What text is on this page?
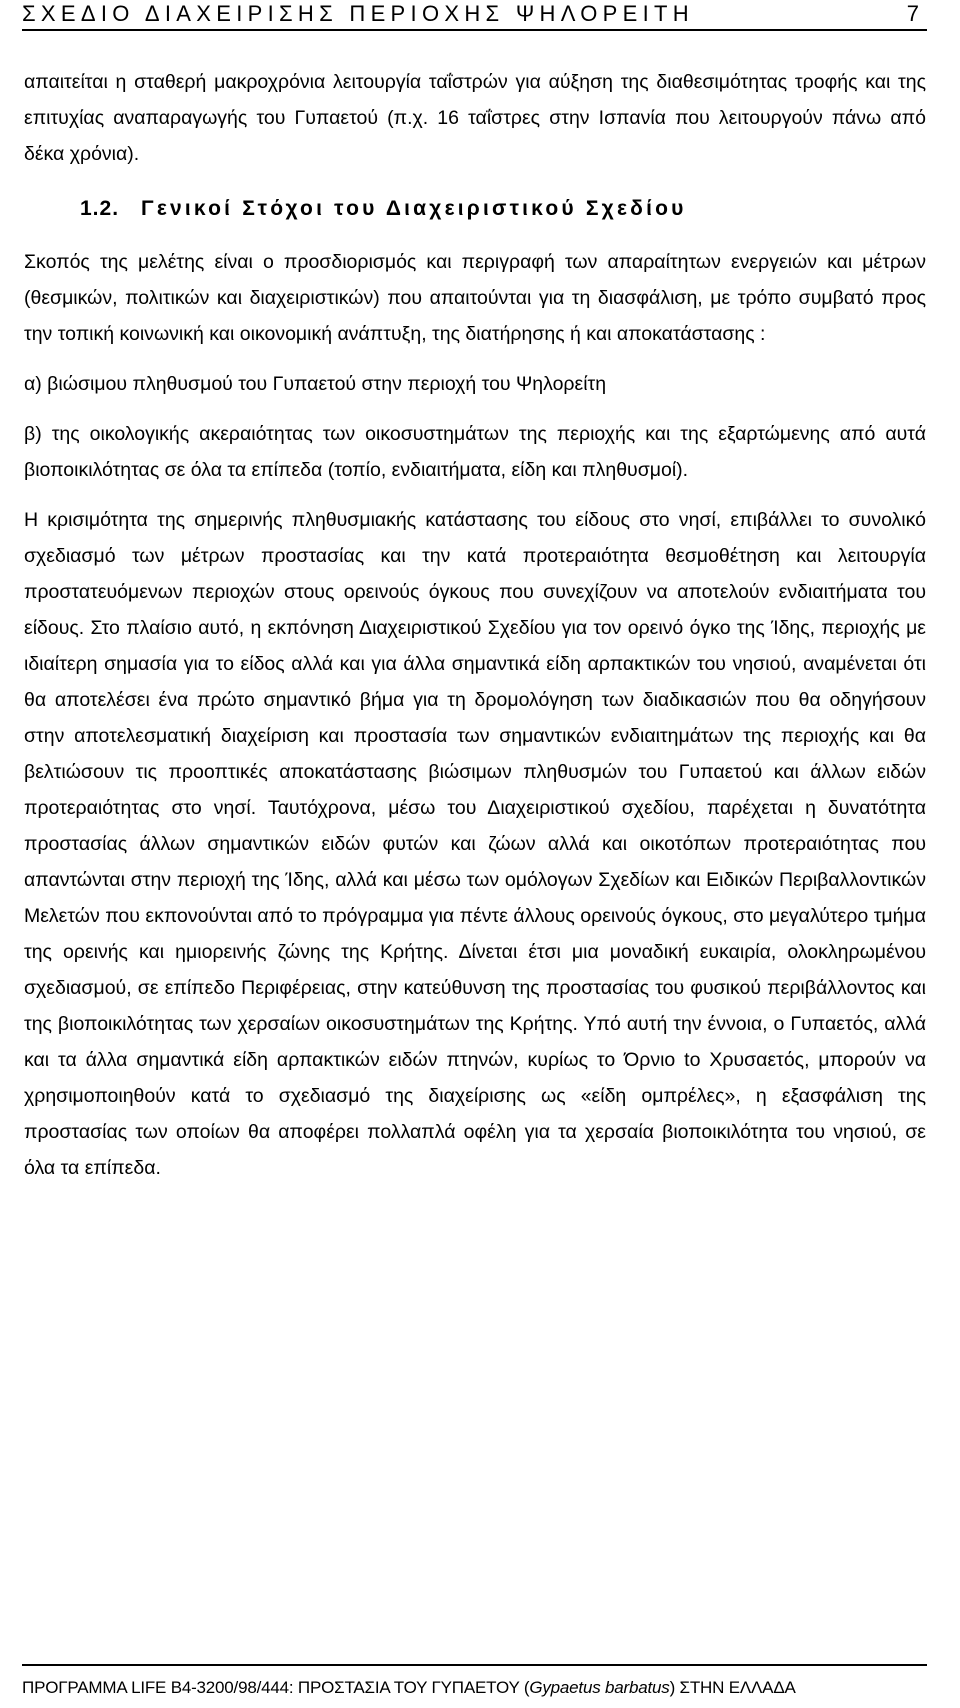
ΣΧΕΔΙΟ ΔΙΑΧΕΙΡΙΣΗΣ ΠΕΡΙΟΧΗΣ ΨΗΛΟΡΕΙΤΗ	7

απαιτείται η σταθερή μακροχρόνια λειτουργία ταΐστρών για αύξηση της διαθεσιμότητας τροφής και της επιτυχίας αναπαραγωγής του Γυπαετού (π.χ. 16 ταΐστρες στην Ισπανία που λειτουργούν πάνω από δέκα χρόνια).

1.2. Γενικοί Στόχοι του Διαχειριστικού Σχεδίου

Σκοπός της μελέτης είναι ο προσδιορισμός και περιγραφή των απαραίτητων ενεργειών και μέτρων (θεσμικών, πολιτικών και διαχειριστικών) που απαιτούνται για τη διασφάλιση, με τρόπο συμβατό προς την τοπική κοινωνική και οικονομική ανάπτυξη, της διατήρησης ή και αποκατάστασης :

α) βιώσιμου πληθυσμού του Γυπαετού στην περιοχή του Ψηλορείτη

β) της οικολογικής ακεραιότητας των οικοσυστημάτων της περιοχής και της εξαρτώμενης από αυτά βιοποικιλότητας σε όλα τα επίπεδα (τοπίο, ενδιαιτήματα, είδη και πληθυσμοί).

Η κρισιμότητα της σημερινής πληθυσμιακής κατάστασης του είδους στο νησί, επιβάλλει το συνολικό σχεδιασμό των μέτρων προστασίας και την κατά προτεραιότητα θεσμοθέτηση και λειτουργία προστατευόμενων περιοχών στους ορεινούς όγκους που συνεχίζουν να αποτελούν ενδιαιτήματα του είδους. Στο πλαίσιο αυτό, η εκπόνηση Διαχειριστικού Σχεδίου για τον ορεινό όγκο της Ίδης, περιοχής με ιδιαίτερη σημασία για το είδος αλλά και για άλλα σημαντικά είδη αρπακτικών του νησιού, αναμένεται ότι θα αποτελέσει ένα πρώτο σημαντικό βήμα για τη δρομολόγηση των διαδικασιών που θα οδηγήσουν στην αποτελεσματική διαχείριση και προστασία των σημαντικών ενδιαιτημάτων της περιοχής και θα βελτιώσουν τις προοπτικές αποκατάστασης βιώσιμων πληθυσμών του Γυπαετού και άλλων ειδών προτεραιότητας στο νησί. Ταυτόχρονα, μέσω του Διαχειριστικού σχεδίου, παρέχεται η δυνατότητα προστασίας άλλων σημαντικών ειδών φυτών και ζώων αλλά και οικοτόπων προτεραιότητας που απαντώνται στην περιοχή της Ίδης, αλλά και μέσω των ομόλογων Σχεδίων και Ειδικών Περιβαλλοντικών Μελετών που εκπονούνται από το πρόγραμμα για πέντε άλλους ορεινούς όγκους, στο μεγαλύτερο τμήμα της ορεινής και ημιορεινής ζώνης της Κρήτης. Δίνεται έτσι μια μοναδική ευκαιρία, ολοκληρωμένου σχεδιασμού, σε επίπεδο Περιφέρειας, στην κατεύθυνση της προστασίας του φυσικού περιβάλλοντος και της βιοποικιλότητας των χερσαίων οικοσυστημάτων της Κρήτης. Υπό αυτή την έννοια, ο Γυπαετός, αλλά και τα άλλα σημαντικά είδη αρπακτικών ειδών πτηνών, κυρίως το Όρνιο to Χρυσαετός, μπορούν να χρησιμοποιηθούν κατά το σχεδιασμό της διαχείρισης ως «είδη ομπρέλες», η εξασφάλιση της προστασίας των οποίων θα αποφέρει πολλαπλά οφέλη για τα χερσαία βιοποικιλότητα του νησιού, σε όλα τα επίπεδα.

ΠΡΟΓΡΑΜΜΑ LIFE B4-3200/98/444: ΠΡΟΣΤΑΣΙΑ ΤΟΥ ΓΥΠΑΕΤΟΥ (Gypaetus barbatus) ΣΤΗΝ ΕΛΛΑΔΑ
